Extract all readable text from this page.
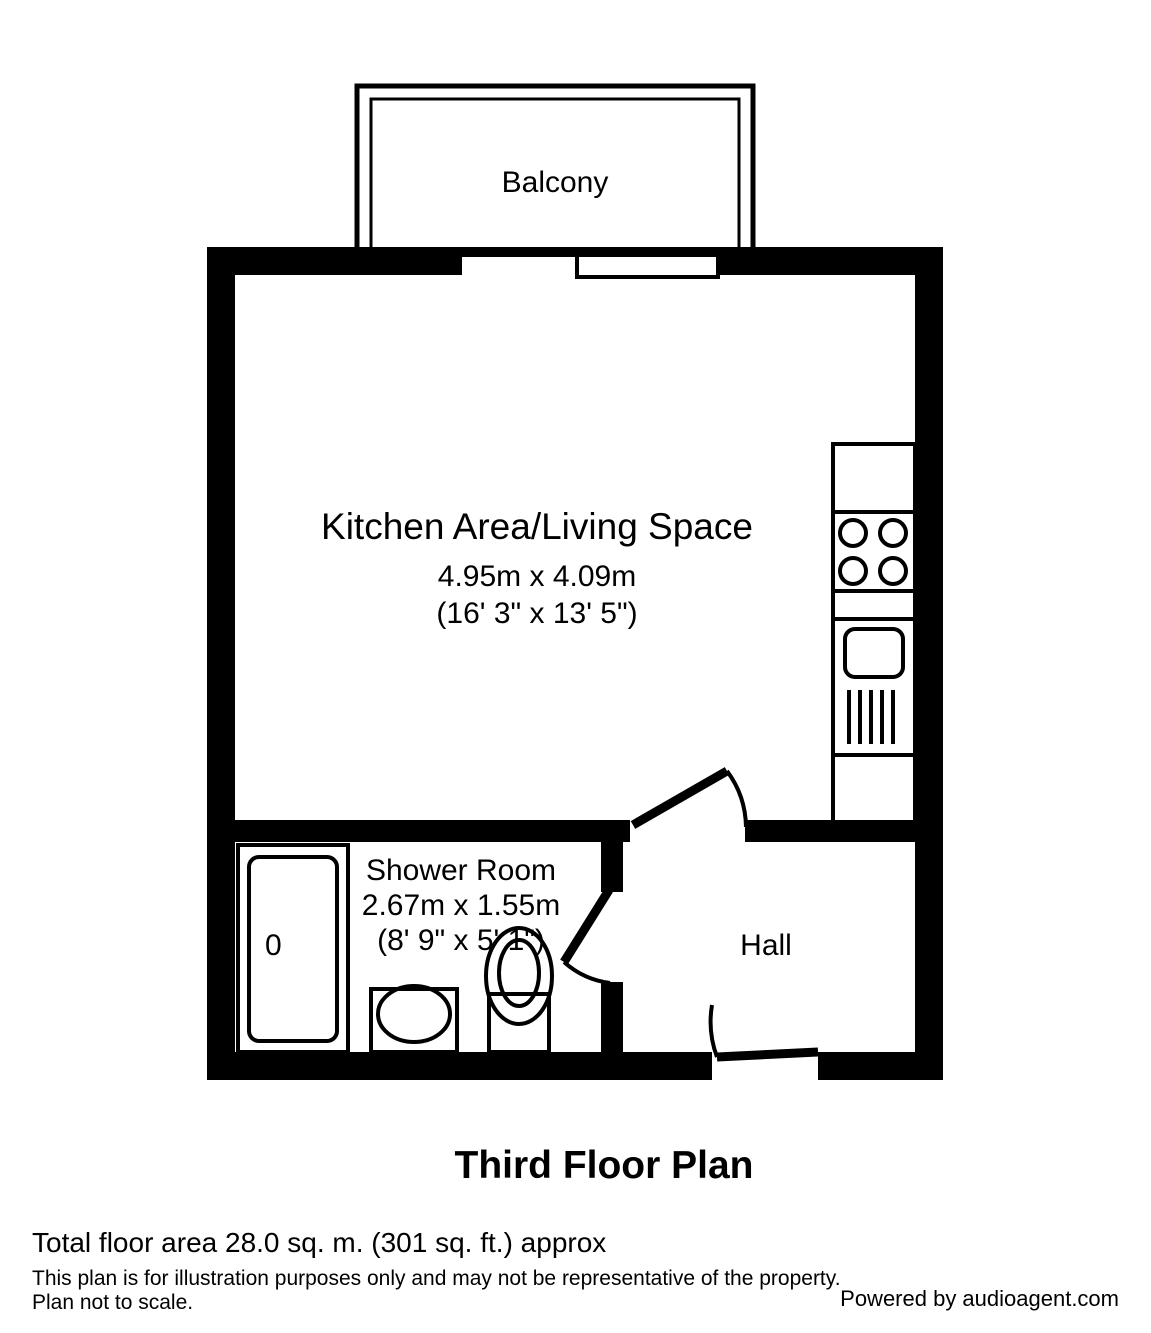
Balcony
0
Kitchen Area/Living Space
4.95m x 4.09m
(16' 3" x 13' 5")
Shower Room
2.67m x 1.55m
(8' 9" x 5' 1")	Hall
Third Floor Plan
Total floor area 28.0 sq. m. (301 sq. ft.) approx
This plan is for illustration purposes only and may not be representative of the property.
Plan not to scale.	Powered by audioagent.com
